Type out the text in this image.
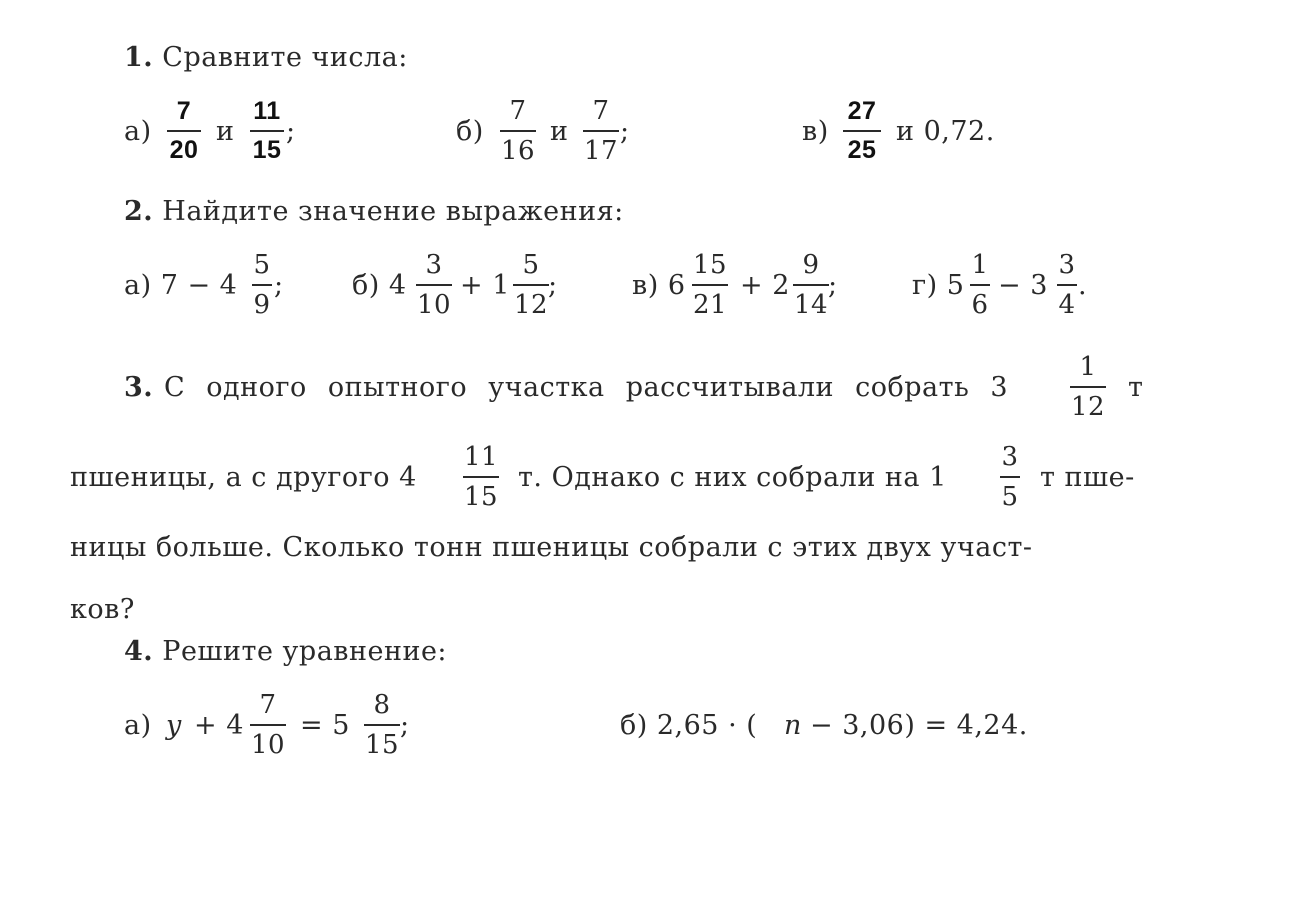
1. Сравните числа:
а)
7
20
и
11
15
;	б)
7
16
и
7
17
;	в)
27
25
и 0,72.
2. Найдите значение выражения:
а) 7 − 4
5
9
;	б) 4
3
10
+ 1
5
12
;	в) 6
15
21
+ 2
9
14
;	г) 5
1
6
− 3
3
4
.
3. С одного опытного участка рассчитывали собрать 3
1
12
т
пшеницы, а с другого 4
11
15
т. Однако с них собрали на 1
3
5
т пше-
ницы больше. Сколько тонн пшеницы собрали с этих двух участ-
ков?
4. Решите уравнение:
а) y + 4
7
10
= 5
8
15
;	б) 2,65 · ( n − 3,06) = 4,24.
